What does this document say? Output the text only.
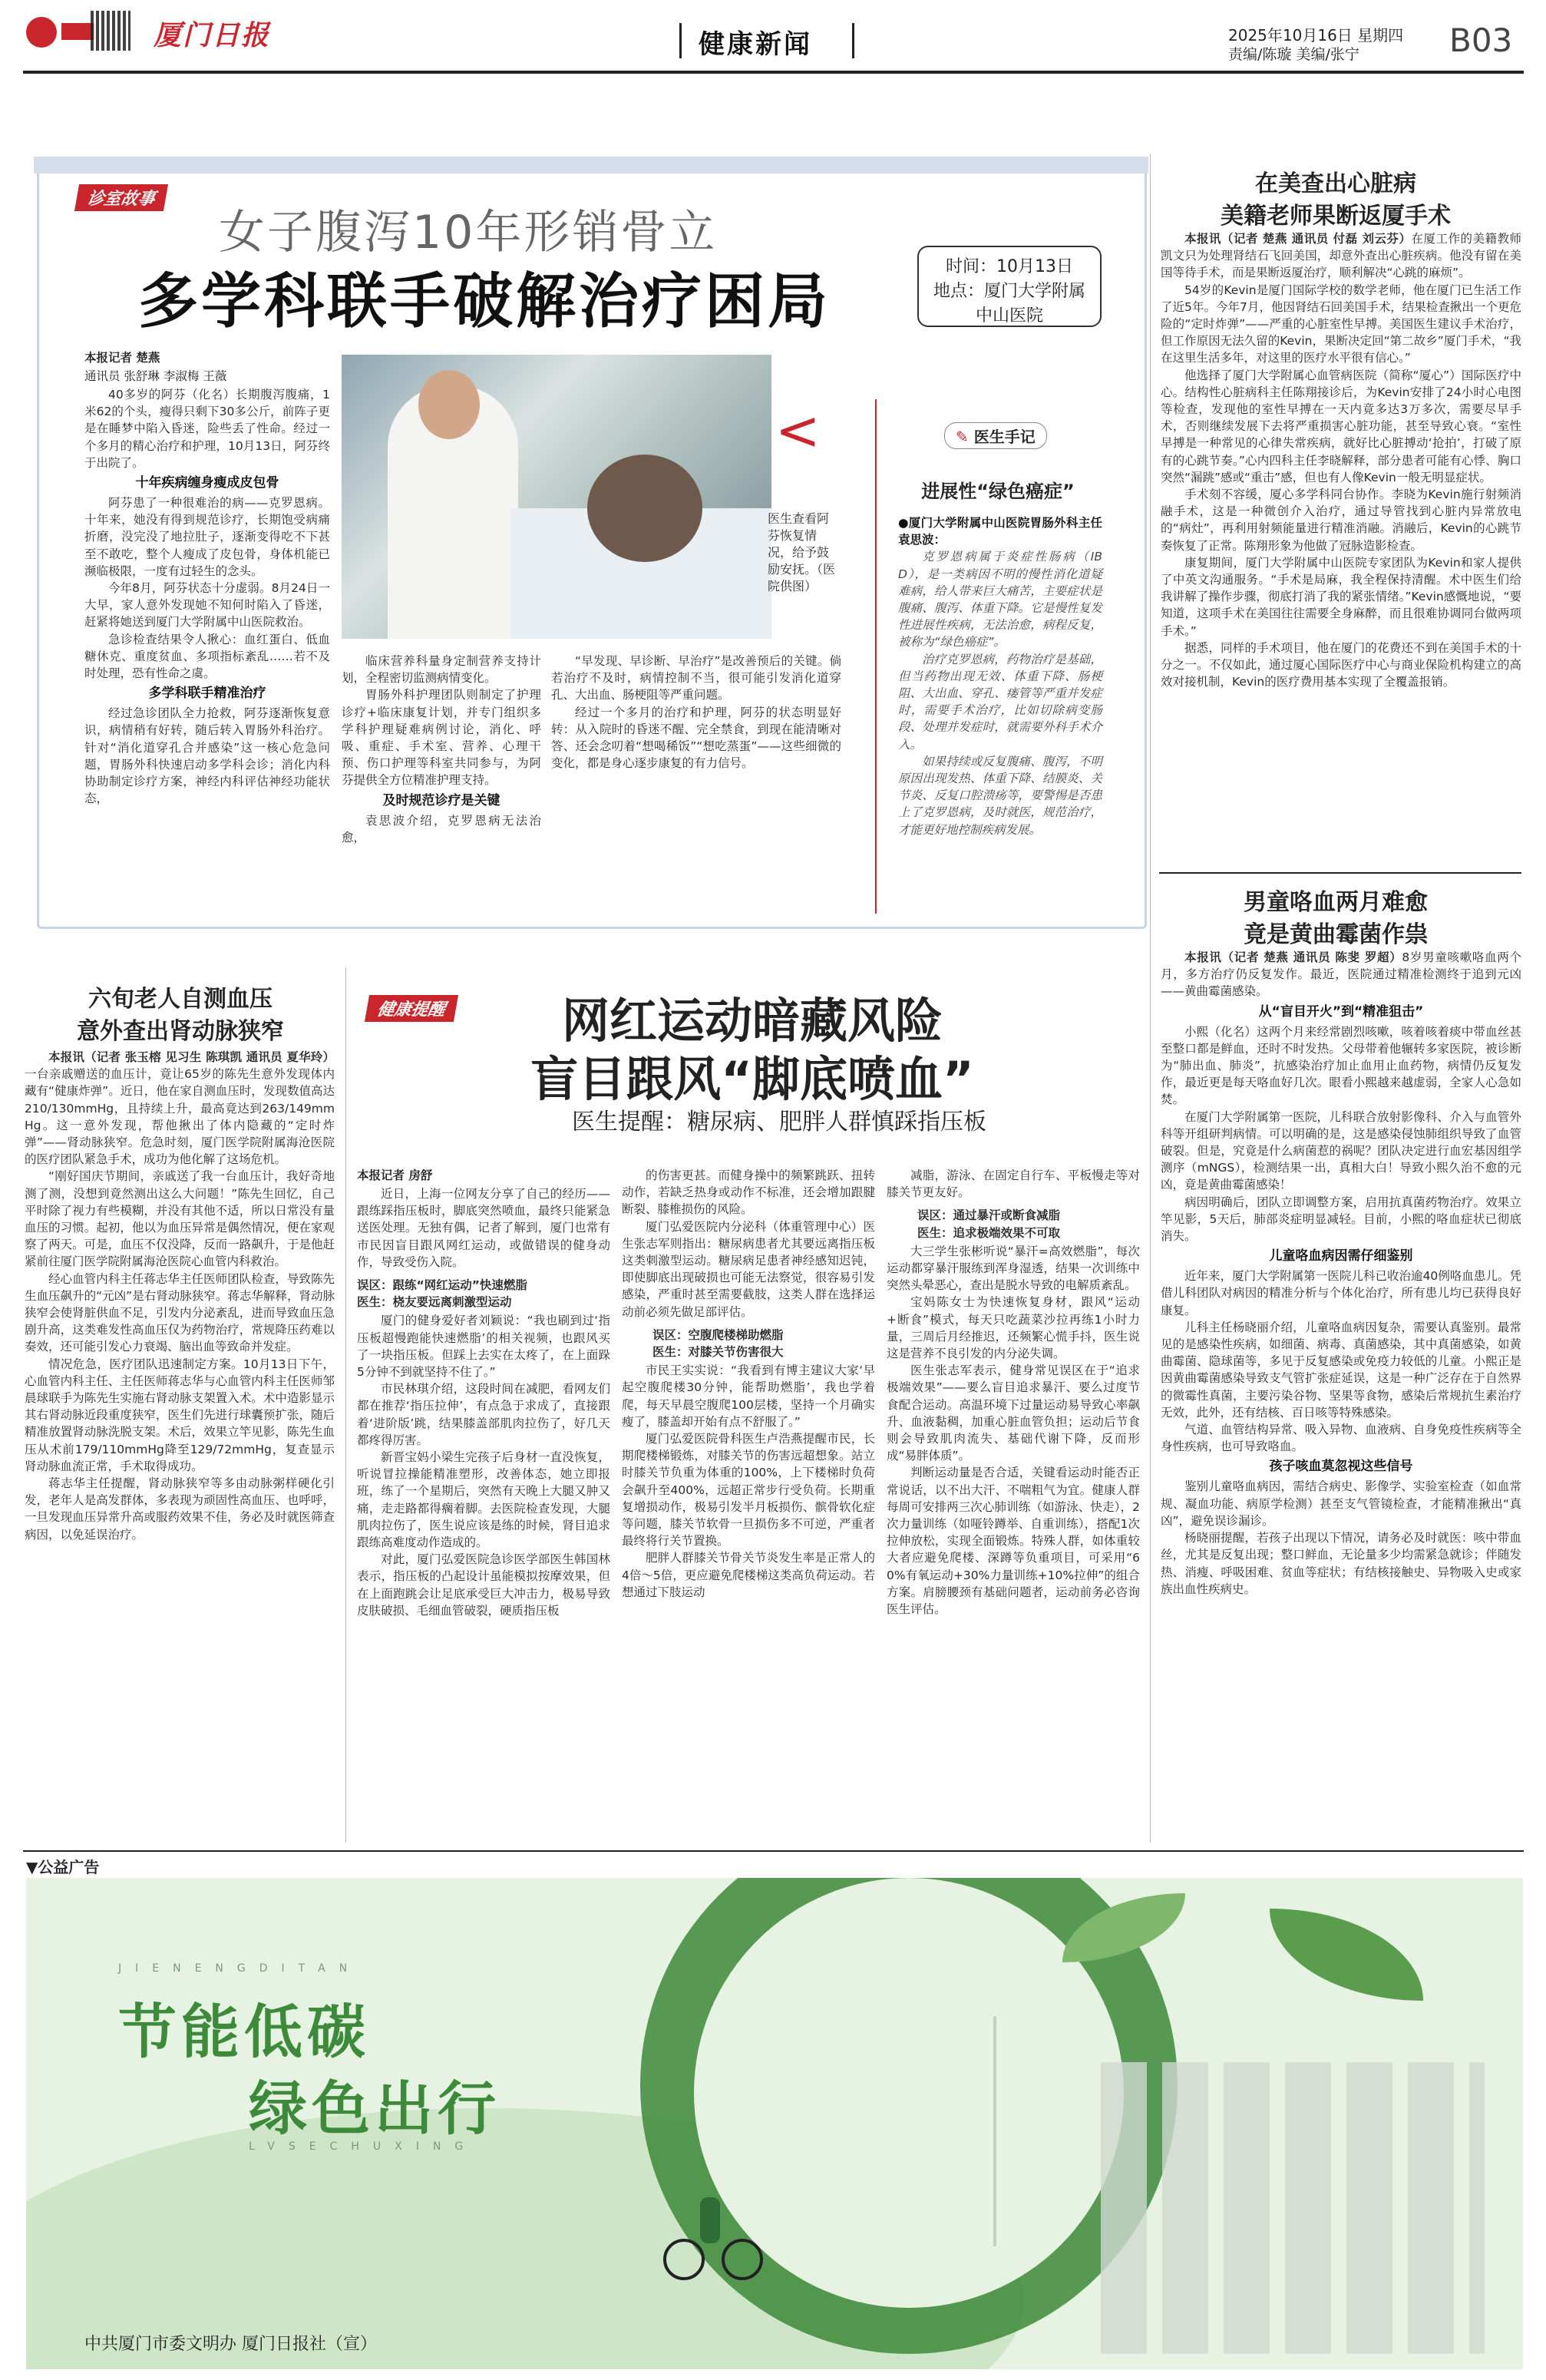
厦门日报	健康新闻	2025年10月16日 星期四
责编/陈璇 美编/张宁	B03
诊室故事
女子腹泻10年形销骨立
多学科联手破解治疗困局
时间：10月13日
地点：厦门大学附属中山医院
本报记者 楚燕
通讯员 张舒琳 李淑梅 王薇

40多岁的阿芬（化名）长期腹泻腹痛，1米62的个头，瘦得只剩下30多公斤，前阵子更是在睡梦中陷入昏迷，险些丢了性命。经过一个多月的精心治疗和护理，10月13日，阿芬终于出院了。

十年疾病缠身瘦成皮包骨

阿芬患了一种很难治的病——克罗恩病。十年来，她没有得到规范诊疗，长期饱受病痛折磨，没完没了地拉肚子，逐渐变得吃不下甚至不敢吃，整个人瘦成了皮包骨，身体机能已濒临极限，一度有过轻生的念头。

今年8月，阿芬状态十分虚弱。8月24日一大早，家人意外发现她不知何时陷入了昏迷，赶紧将她送到厦门大学附属中山医院救治。

急诊检查结果令人揪心：血红蛋白、低血糖休克、重度贫血、多项指标紊乱……若不及时处理，恐有性命之虞。

多学科联手精准治疗

经过急诊团队全力抢救，阿芬逐渐恢复意识，病情稍有好转，随后转入胃肠外科治疗。针对“消化道穿孔合并感染”这一核心危急问题，胃肠外科快速启动多学科会诊；消化内科协助制定诊疗方案，神经内科评估神经功能状态，

<
医生查看阿芬恢复情况，给予鼓励安抚。（医院供图）
✎ 医生手记
进展性“绿色癌症”
●厦门大学附属中山医院胃肠外科主任 袁思波：

克罗恩病属于炎症性肠病（IBD），是一类病因不明的慢性消化道疑难病，给人带来巨大痛苦，主要症状是腹痛、腹泻、体重下降。它是慢性复发性进展性疾病，无法治愈，病程反复，被称为“绿色癌症”。

治疗克罗恩病，药物治疗是基础，但当药物出现无效、体重下降、肠梗阻、大出血、穿孔、瘘管等严重并发症时，需要手术治疗，比如切除病变肠段、处理并发症时，就需要外科手术介入。

如果持续或反复腹痛、腹泻，不明原因出现发热、体重下降、结膜炎、关节炎、反复口腔溃疡等，要警惕是否患上了克罗恩病，及时就医，规范治疗，才能更好地控制疾病发展。

临床营养科量身定制营养支持计划，全程密切监测病情变化。

胃肠外科护理团队则制定了护理诊疗+临床康复计划，并专门组织多学科护理疑难病例讨论，消化、呼吸、重症、手术室、营养、心理干预、伤口护理等科室共同参与，为阿芬提供全方位精准护理支持。

及时规范诊疗是关键

袁思波介绍，克罗恩病无法治愈，

“早发现、早诊断、早治疗”是改善预后的关键。倘若治疗不及时，病情控制不当，很可能引发消化道穿孔、大出血、肠梗阻等严重问题。

经过一个多月的治疗和护理，阿芬的状态明显好转：从入院时的昏迷不醒、完全禁食，到现在能清晰对答、还会念叨着“想喝稀饭”“想吃蒸蛋”——这些细微的变化，都是身心逐步康复的有力信号。

在美查出心脏病
美籍老师果断返厦手术

本报讯（记者 楚燕 通讯员 付磊 刘云芬）在厦工作的美籍教师凯文只为处理肾结石飞回美国，却意外查出心脏疾病。他没有留在美国等待手术，而是果断返厦治疗，顺利解决“心跳的麻烦”。

54岁的Kevin是厦门国际学校的数学老师，他在厦门已生活工作了近5年。今年7月，他因肾结石回美国手术，结果检查揪出一个更危险的“定时炸弹”——严重的心脏室性早搏。美国医生建议手术治疗，但工作原因无法久留的Kevin，果断决定回“第二故乡”厦门手术，“我在这里生活多年，对这里的医疗水平很有信心。”

他选择了厦门大学附属心血管病医院（简称“厦心”）国际医疗中心。结构性心脏病科主任陈翔接诊后，为Kevin安排了24小时心电图等检查，发现他的室性早搏在一天内竟多达3万多次，需要尽早手术，否则继续发展下去将严重损害心脏功能，甚至导致心衰。“室性早搏是一种常见的心律失常疾病，就好比心脏搏动‘抢拍’，打破了原有的心跳节奏。”心内四科主任李晓解释，部分患者可能有心悸、胸口突然“漏跳”感或“重击”感，但也有人像Kevin一般无明显症状。

手术刻不容缓，厦心多学科同台协作。李晓为Kevin施行射频消融手术，这是一种微创介入治疗，通过导管找到心脏内异常放电的“病灶”，再利用射频能量进行精准消融。消融后，Kevin的心跳节奏恢复了正常。陈翔形象为他做了冠脉造影检查。

康复期间，厦门大学附属中山医院专家团队为Kevin和家人提供了中英文沟通服务。“手术是局麻，我全程保持清醒。术中医生们给我讲解了操作步骤，彻底打消了我的紧张情绪。”Kevin感慨地说，“要知道，这项手术在美国往往需要全身麻醉，而且很难协调同台做两项手术。”

据悉，同样的手术项目，他在厦门的花费还不到在美国手术的十分之一。不仅如此，通过厦心国际医疗中心与商业保险机构建立的高效对接机制，Kevin的医疗费用基本实现了全覆盖报销。

男童咯血两月难愈
竟是黄曲霉菌作祟

本报讯（记者 楚燕 通讯员 陈斐 罗超）8岁男童咳嗽咯血两个月，多方治疗仍反复发作。最近，医院通过精准检测终于追到元凶——黄曲霉菌感染。

从“盲目开火”到“精准狙击”

小熙（化名）这两个月来经常剧烈咳嗽，咳着咳着痰中带血丝甚至整口都是鲜血，还时不时发热。父母带着他辗转多家医院，被诊断为“肺出血、肺炎”，抗感染治疗加止血用止血药物，病情仍反复发作，最近更是每天咯血好几次。眼看小熙越来越虚弱，全家人心急如焚。

在厦门大学附属第一医院，儿科联合放射影像科、介入与血管外科等开组研判病情。可以明确的是，这是感染侵蚀肺组织导致了血管破裂。但是，究竟是什么病菌惹的祸呢？团队决定进行血宏基因组学测序（mNGS），检测结果一出，真相大白！导致小熙久治不愈的元凶，竟是黄曲霉菌感染！

病因明确后，团队立即调整方案，启用抗真菌药物治疗。效果立竿见影，5天后，肺部炎症明显减轻。目前，小熙的咯血症状已彻底消失。

儿童咯血病因需仔细鉴别

近年来，厦门大学附属第一医院儿科已收治逾40例咯血患儿。凭借儿科团队对病因的精准分析与个体化治疗，所有患儿均已获得良好康复。

儿科主任杨晓丽介绍，儿童咯血病因复杂，需要认真鉴别。最常见的是感染性疾病，如细菌、病毒、真菌感染，其中真菌感染，如黄曲霉菌、隐球菌等，多见于反复感染或免疫力较低的儿童。小熙正是因黄曲霉菌感染导致支气管扩张症延误，这是一种广泛存在于自然界的微霉性真菌，主要污染谷物、坚果等食物，感染后常规抗生素治疗无效，此外，还有结核、百日咳等特殊感染。

气道、血管结构异常、吸入异物、血液病、自身免疫性疾病等全身性疾病，也可导致咯血。

孩子咳血莫忽视这些信号

鉴别儿童咯血病因，需结合病史、影像学、实验室检查（如血常规、凝血功能、病原学检测）甚至支气管镜检查，才能精准揪出“真凶”，避免误诊漏诊。

杨晓丽提醒，若孩子出现以下情况，请务必及时就医：咳中带血丝，尤其是反复出现；整口鲜血，无论量多少均需紧急就诊；伴随发热、消瘦、呼吸困难、贫血等症状；有结核接触史、异物吸入史或家族出血性疾病史。

六旬老人自测血压
意外查出肾动脉狭窄

本报讯（记者 张玉榕 见习生 陈琪凯 通讯员 夏华玲）一台亲戚赠送的血压计，竟让65岁的陈先生意外发现体内藏有“健康炸弹”。近日，他在家自测血压时，发现数值高达210/130mmHg，且持续上升，最高竟达到263/149mmHg。这一意外发现，帮他揪出了体内隐藏的“定时炸弹”——肾动脉狭窄。危急时刻，厦门医学院附属海沧医院的医疗团队紧急手术，成功为他化解了这场危机。

“刚好国庆节期间，亲戚送了我一台血压计，我好奇地测了测，没想到竟然测出这么大问题！”陈先生回忆，自己平时除了视力有些模糊，并没有其他不适，所以日常没有量血压的习惯。起初，他以为血压异常是偶然情况，便在家观察了两天。可是，血压不仅没降，反而一路飙升，于是他赶紧前往厦门医学院附属海沧医院心血管内科救治。

经心血管内科主任蒋志华主任医师团队检查，导致陈先生血压飙升的“元凶”是右肾动脉狭窄。蒋志华解释，肾动脉狭窄会使肾脏供血不足，引发内分泌紊乱，进而导致血压急剧升高，这类难发性高血压仅为药物治疗，常规降压药难以奏效，还可能引发心力衰竭、脑出血等致命并发症。

情况危急，医疗团队迅速制定方案。10月13日下午，心血管内科主任、主任医师蒋志华与心血管内科主任医师邹晨球联手为陈先生实施右肾动脉支架置入术。术中造影显示其右肾动脉近段重度狭窄，医生们先进行球囊预扩张，随后精准放置肾动脉洗脱支架。术后，效果立竿见影，陈先生血压从术前179/110mmHg降至129/72mmHg，复查显示肾动脉血流正常，手术取得成功。

蒋志华主任提醒，肾动脉狭窄等多由动脉粥样硬化引发，老年人是高发群体，多表现为顽固性高血压、也呼呼，一旦发现血压异常升高或服药效果不佳，务必及时就医筛查病因，以免延误治疗。

健康提醒	网红运动暗藏风险
盲目跟风“脚底喷血”
医生提醒：糖尿病、肥胖人群慎踩指压板
本报记者 房舒

近日，上海一位网友分享了自己的经历——跟练踩指压板时，脚底突然喷血，最终只能紧急送医处理。无独有偶，记者了解到，厦门也常有市民因盲目跟风网红运动，或做错误的健身动作，导致受伤入院。

误区：跟练“网红运动”快速燃脂
医生：桡友要远离刺激型运动

厦门的健身爱好者刘颖说：“我也刷到过‘指压板超慢跑能快速燃脂’的相关视频，也跟风买了一块指压板。但踩上去实在太疼了，在上面跺5分钟不到就坚持不住了。”

市民林琪介绍，这段时间在减肥，看网友们都在推荐‘指压拉伸’，有点急于求成了，直接跟着‘进阶版’跳，结果膝盖部肌肉拉伤了，好几天都疼得厉害。

新晋宝妈小梁生完孩子后身材一直没恢复，听说冒拉操能精准塑形，改善体态，她立即报班，练了一个星期后，突然有天晚上大腿又肿又痛，走走路都得瘸着脚。去医院检查发现，大腿肌肉拉伤了，医生说应该是练的时候，肾目追求跟练高难度动作造成的。

对此，厦门弘爱医院急诊医学部医生韩国林表示，指压板的凸起设计虽能模拟按摩效果，但在上面跑跳会让足底承受巨大冲击力，极易导致皮肤破损、毛细血管破裂，硬质指压板

的伤害更甚。而健身操中的频繁跳跃、扭转动作，若缺乏热身或动作不标准，还会增加跟腱断裂、膝椎损伤的风险。

厦门弘爱医院内分泌科（体重管理中心）医生张志军则指出：糖尿病患者尤其要远离指压板这类刺激型运动。糖尿病足患者神经感知迟钝，即使脚底出现破损也可能无法察觉，很容易引发感染，严重时甚至需要截肢，这类人群在选择运动前必须先做足部评估。

误区：空腹爬楼梯助燃脂
医生：对膝关节伤害很大

市民王实实说：“我看到有博主建议大家‘早起空腹爬楼30分钟，能帮助燃脂’，我也学着爬，每天早晨空腹爬100层楼，坚持一个月确实瘦了，膝盖却开始有点不舒服了。”

厦门弘爱医院骨科医生卢浩燕提醒市民，长期爬楼梯锻炼，对膝关节的伤害远超想象。站立时膝关节负重为体重的100%，上下楼梯时负荷会飙升至400%，远超正常步行受负荷。长期重复增损动作，极易引发半月板损伤、髌骨软化症等问题，膝关节软骨一旦损伤多不可逆，严重者最终将行关节置换。

肥胖人群膝关节骨关节炎发生率是正常人的4倍～5倍，更应避免爬楼梯这类高负荷运动。若想通过下肢运动

减脂，游泳、在固定自行车、平板慢走等对膝关节更友好。

误区：通过暴汗或断食减脂
医生：追求极端效果不可取

大三学生张彬听说“暴汗=高效燃脂”，每次运动都穿暴汗服练到浑身湿透，结果一次训练中突然头晕恶心，查出是脱水导致的电解质紊乱。

宝妈陈女士为快速恢复身材，跟风“运动+断食”模式，每天只吃蔬菜沙拉再练1小时力量，三周后月经推迟，还频繁心慌手抖，医生说这是营养不良引发的内分泌失调。

医生张志军表示，健身常见误区在于“追求极端效果”——要么盲目追求暴汗、要么过度节食配合运动。高温环境下过量运动易导致心率飙升、血液黏稠，加重心脏血管负担；运动后节食则会导致肌肉流失、基础代谢下降，反而形成“易胖体质”。

判断运动量是否合适，关键看运动时能否正常说话，以不出大汗、不喘粗气为宜。健康人群每周可安排两三次心肺训练（如游泳、快走），2次力量训练（如哑铃蹲举、自重训练），搭配1次拉伸放松，实现全面锻炼。特殊人群，如体重较大者应避免爬楼、深蹲等负重项目，可采用“60%有氧运动+30%力量训练+10%拉伸”的组合方案。肩膀腰颈有基础问题者，运动前务必咨询医生评估。

▼公益广告
JIENENGDITAN
节能低碳
绿色出行
LVSECHUXING
中共厦门市委文明办 厦门日报社（宣）
